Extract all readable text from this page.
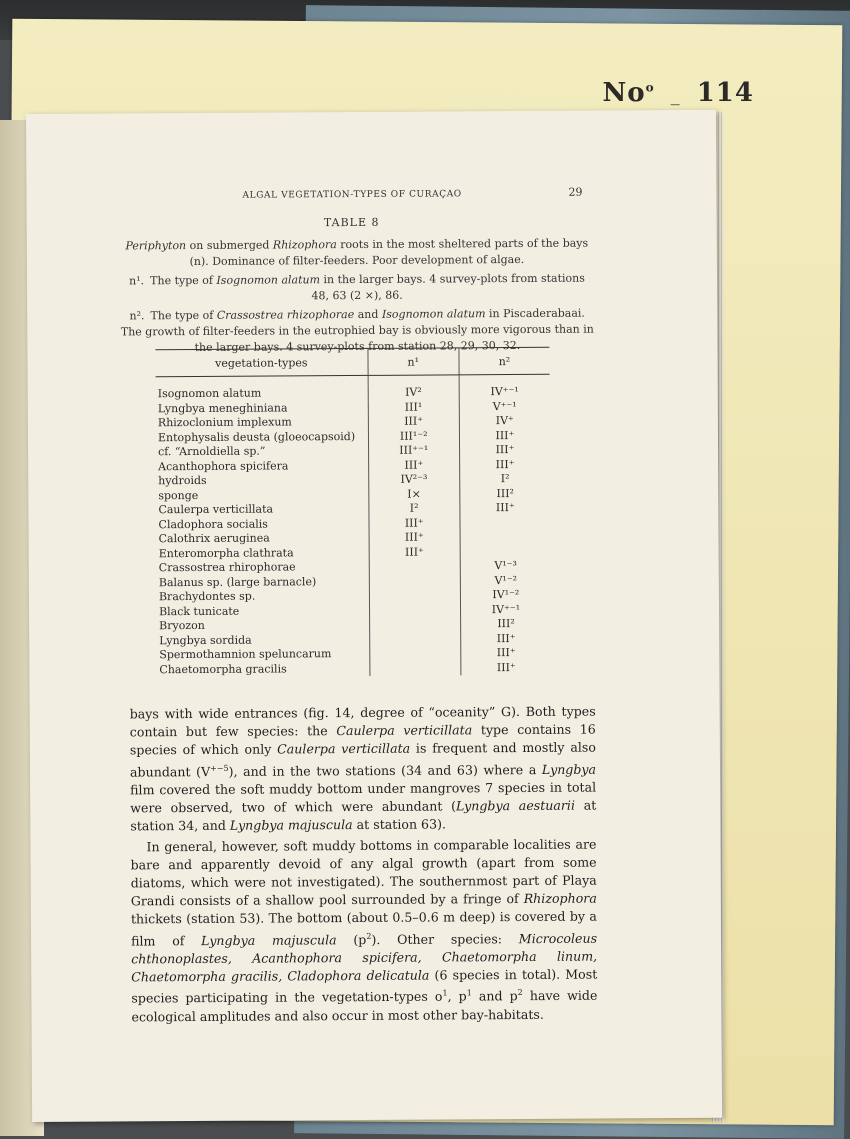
No$^o$ _ 114
ALGAL VEGETATION-TYPES OF CURAÇAO	29
TABLE 8
Periphyton on submerged Rhizophora roots in the most sheltered parts of the bays (n). Dominance of filter-feeders. Poor development of algae.
n¹. The type of Isognomon alatum in the larger bays. 4 survey-plots from stations 48, 63 (2 ×), 86.
n². The type of Crassostrea rhizophorae and Isognomon alatum in Piscaderabaai. The growth of filter-feeders in the eutrophied bay is obviously more vigorous than in the larger bays. 4 survey-plots from station 28, 29, 30, 32.
vegetation-types	n¹	n²

Isognomon alatum	IV²	IV⁺⁻¹
Lyngbya meneghiniana	III¹	V⁺⁻¹
Rhizoclonium implexum	III⁺	IV⁺
Entophysalis deusta (gloeocapsoid)	III¹⁻²	III⁺
cf. “Arnoldiella sp.”	III⁺⁻¹	III⁺
Acanthophora spicifera	III⁺	III⁺
hydroids	IV²⁻³	I²
sponge	I×	III²
Caulerpa verticillata	I²	III⁺
Cladophora socialis	III⁺	
Calothrix aeruginea	III⁺	
Enteromorpha clathrata	III⁺	
Crassostrea rhirophorae		V¹⁻³
Balanus sp. (large barnacle)		V¹⁻²
Brachydontes sp.		IV¹⁻²
Black tunicate		IV⁺⁻¹
Bryozon		III²
Lyngbya sordida		III⁺
Spermothamnion speluncarum		III⁺
Chaetomorpha gracilis		III⁺

bays with wide entrances (fig. 14, degree of “oceanity” G). Both types contain but few species: the Caulerpa verticillata type contains 16 species of which only Caulerpa verticillata is frequent and mostly also abundant $(V^{+-5})$, and in the two stations (34 and 63) where a Lyngbya film covered the soft muddy bottom under mangroves 7 species in total were observed, two of which were abundant (Lyngbya aestuarii at station 34, and Lyngbya majuscula at station 63).

In general, however, soft muddy bottoms in comparable localities are bare and apparently devoid of any algal growth (apart from some diatoms, which were not investigated). The southernmost part of Playa Grandi consists of a shallow pool surrounded by a fringe of Rhizophora thickets (station 53). The bottom (about 0.5–0.6 m deep) is covered by a film of Lyngbya majuscula $(p^2)$. Other species: Microcoleus chthonoplastes, Acanthophora spicifera, Chaetomorpha linum, Chaetomorpha gracilis, Cladophora delicatula (6 species in total). Most species participating in the vegetation-types $o^1$, $p^1$ and $p^2$ have wide ecological amplitudes and also occur in most other bay-habitats.
